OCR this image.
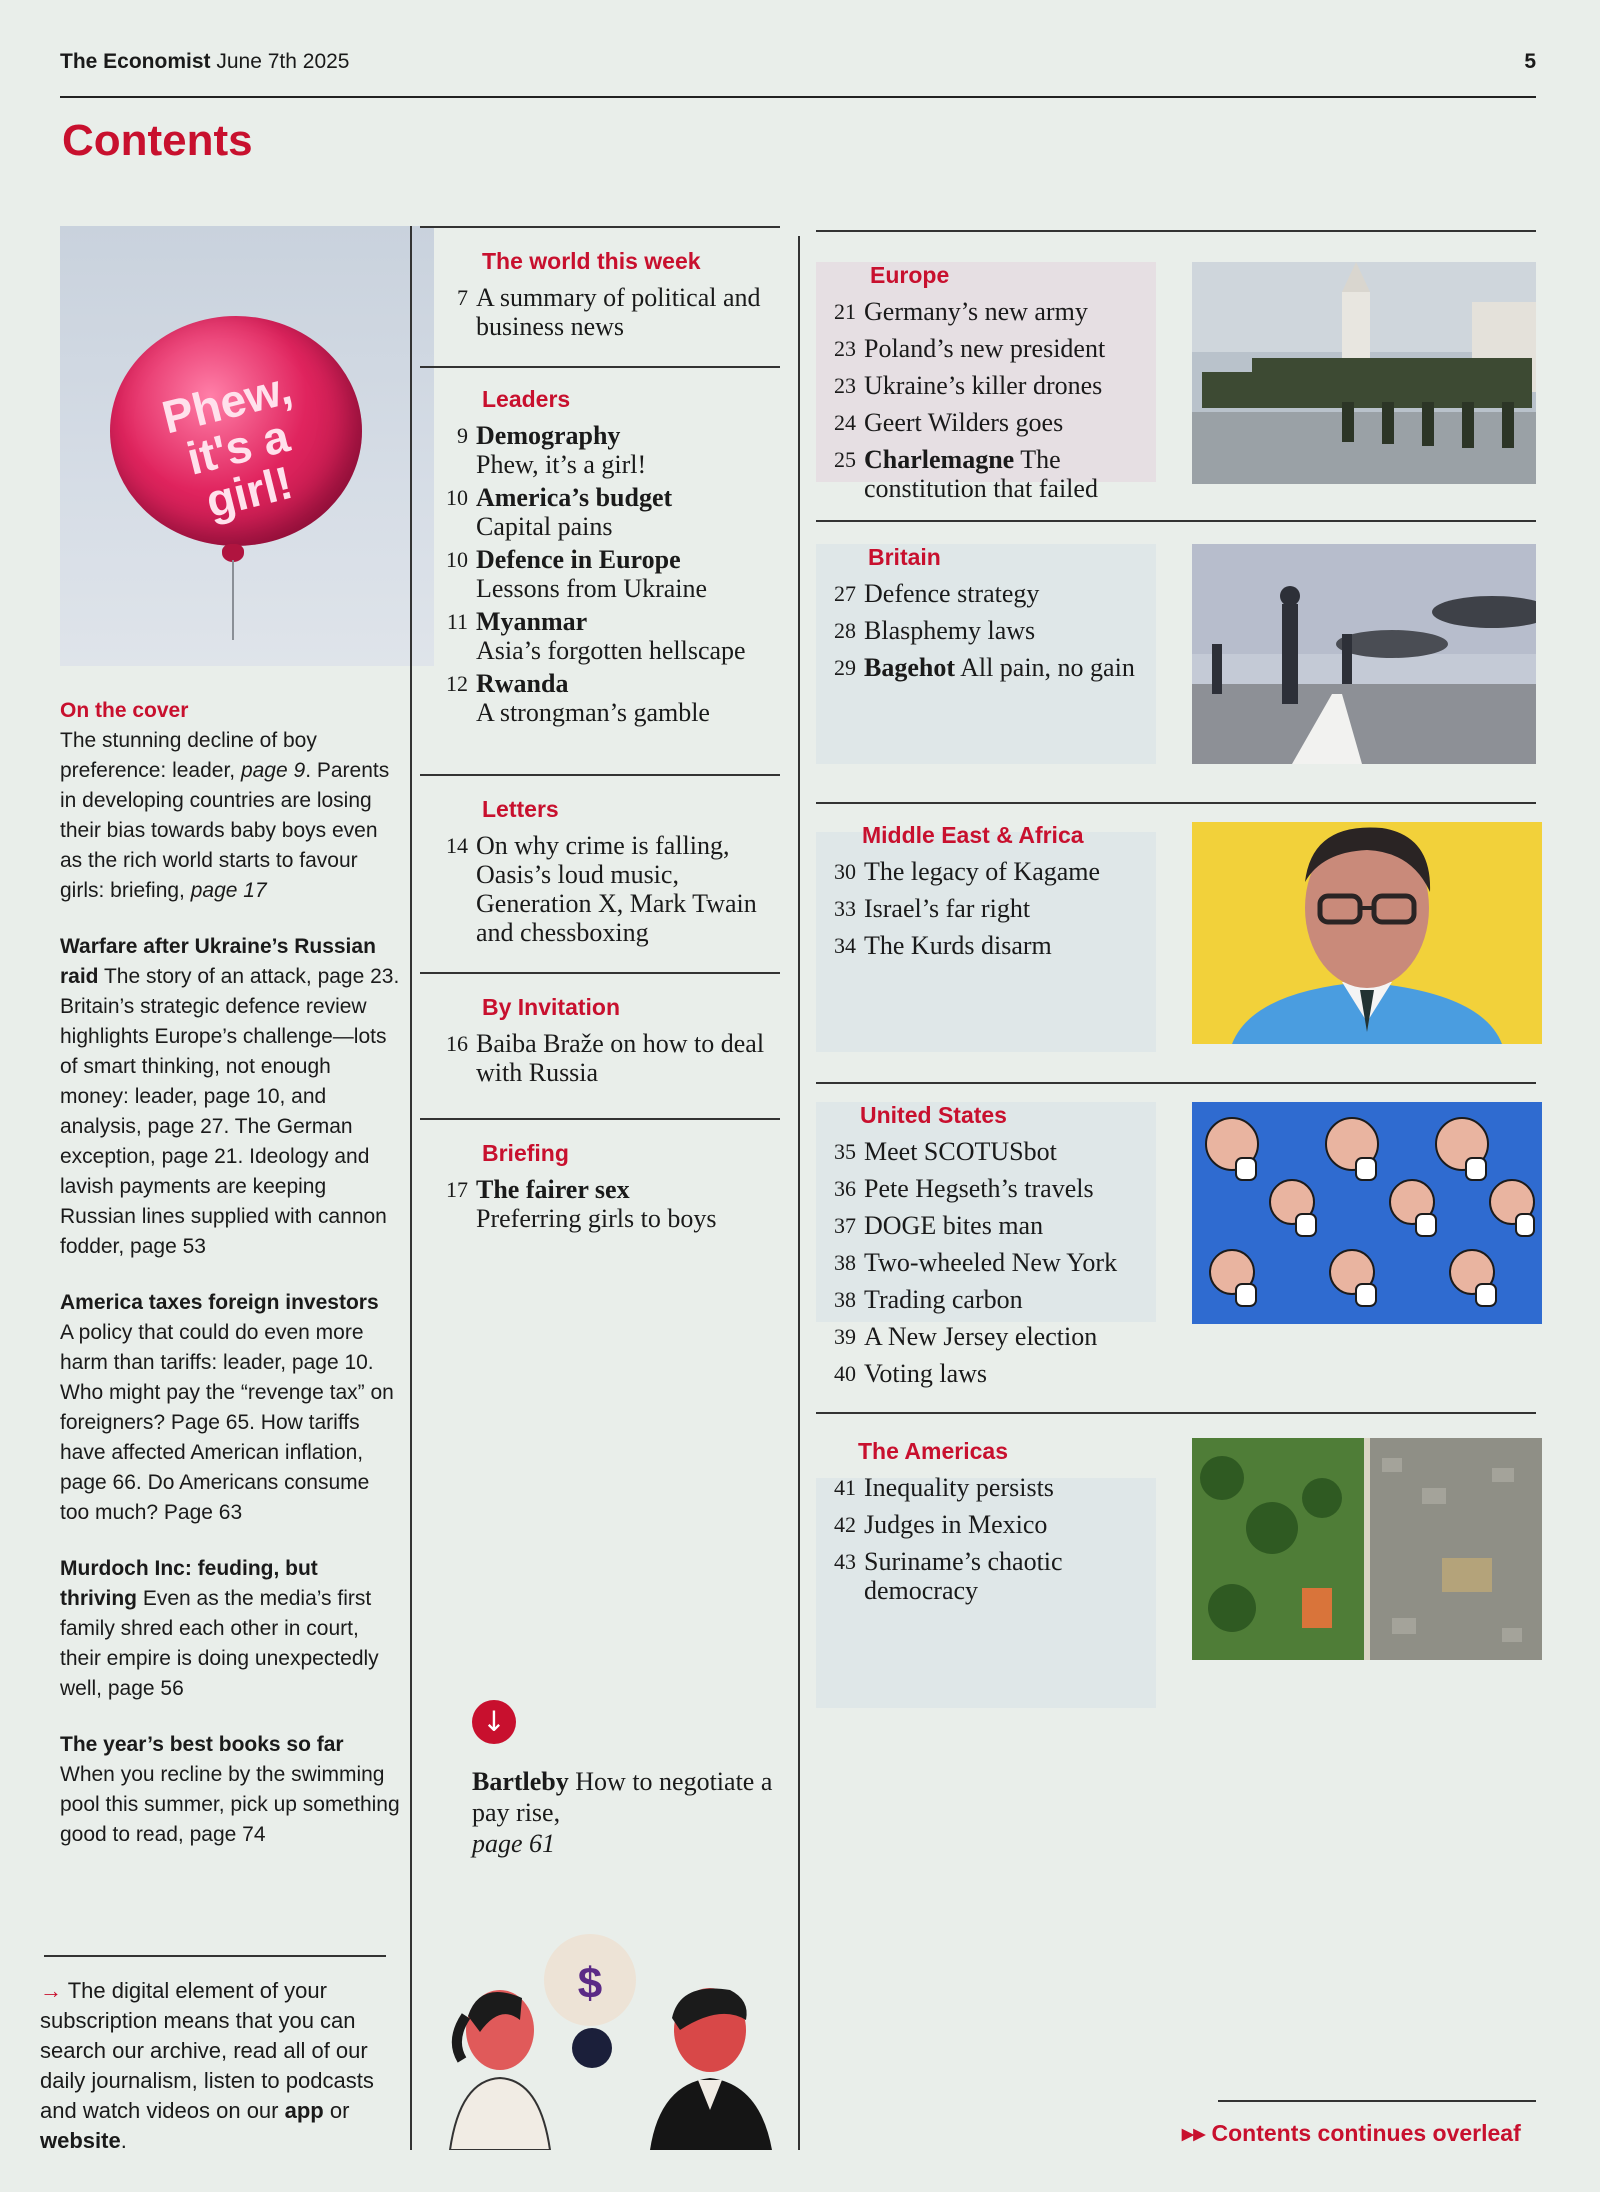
The Economist June 7th 2025	5
Contents
Phew, it's a girl!

On the cover
The stunning decline of boy preference: leader, page 9. Parents in developing countries are losing their bias towards baby boys even as the rich world starts to favour girls: briefing, page 17

Warfare after Ukraine’s Russian raid The story of an attack, page 23. Britain’s strategic defence review highlights Europe’s challenge—lots of smart thinking, not enough money: leader, page 10, and analysis, page 27. The German exception, page 21. Ideology and lavish payments are keeping Russian lines supplied with cannon fodder, page 53

America taxes foreign investors
A policy that could do even more harm than tariffs: leader, page 10. Who might pay the “revenge tax” on foreigners? Page 65. How tariffs have affected American inflation, page 66. Do Americans consume too much? Page 63

Murdoch Inc: feuding, but thriving Even as the media’s first family shred each other in court, their empire is doing unexpectedly well, page 56

The year’s best books so far
When you recline by the swimming pool this summer, pick up something good to read, page 74

→ The digital element of your subscription means that you can search our archive, read all of our daily journalism, listen to podcasts and watch videos on our app or website.
The world this week
7 A summary of political and business news
Leaders
9 Demography
Phew, it’s a girl!
10 America’s budget
Capital pains
10 Defence in Europe
Lessons from Ukraine
11 Myanmar
Asia’s forgotten hellscape
12 Rwanda
A strongman’s gamble
Letters
14 On why crime is falling, Oasis’s loud music, Generation X, Mark Twain and chessboxing
By Invitation
16 Baiba Braže on how to deal with Russia
Briefing
17 The fairer sex
Preferring girls to boys
↓
Bartleby How to negotiate a pay rise,
page 61
$
Europe
21 Germany’s new army
23 Poland’s new president
23 Ukraine’s killer drones
24 Geert Wilders goes
25 Charlemagne The constitution that failed
Britain
27 Defence strategy
28 Blasphemy laws
29 Bagehot All pain, no gain
Middle East & Africa
30 The legacy of Kagame
33 Israel’s far right
34 The Kurds disarm
United States
35 Meet SCOTUSbot
36 Pete Hegseth’s travels
37 DOGE bites man
38 Two-wheeled New York
38 Trading carbon
39 A New Jersey election
40 Voting laws
The Americas
41 Inequality persists
42 Judges in Mexico
43 Suriname’s chaotic democracy
▸▸ Contents continues overleaf
